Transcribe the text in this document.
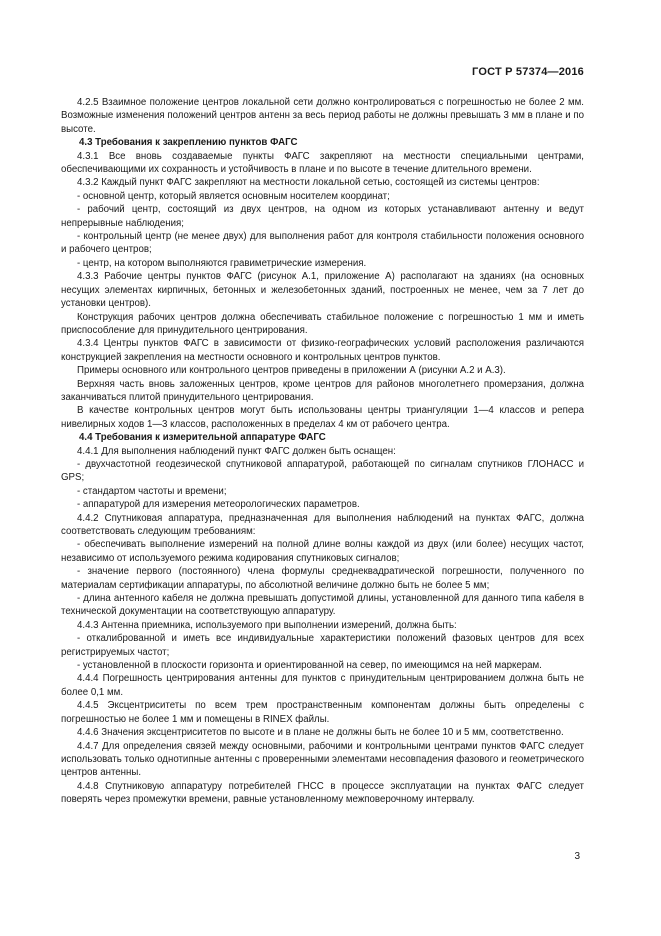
ГОСТ Р 57374—2016

4.2.5 Взаимное положение центров локальной сети должно контролироваться с погрешностью не более 2 мм. Возможные изменения положений центров антенн за весь период работы не должны превышать 3 мм в плане и по высоте.

4.3 Требования к закреплению пунктов ФАГС

4.3.1 Все вновь создаваемые пункты ФАГС закрепляют на местности специальными центрами, обеспечивающими их сохранность и устойчивость в плане и по высоте в течение длительного времени.

4.3.2 Каждый пункт ФАГС закрепляют на местности локальной сетью, состоящей из системы центров:

- основной центр, который является основным носителем координат;

- рабочий центр, состоящий из двух центров, на одном из которых устанавливают антенну и ведут непрерывные наблюдения;

- контрольный центр (не менее двух) для выполнения работ для контроля стабильности положения основного и рабочего центров;

- центр, на котором выполняются гравиметрические измерения.

4.3.3 Рабочие центры пунктов ФАГС (рисунок А.1, приложение А) располагают на зданиях (на основных несущих элементах кирпичных, бетонных и железобетонных зданий, построенных не менее, чем за 7 лет до установки центров).

Конструкция рабочих центров должна обеспечивать стабильное положение с погрешностью 1 мм и иметь приспособление для принудительного центрирования.

4.3.4 Центры пунктов ФАГС в зависимости от физико-географических условий расположения различаются конструкцией закрепления на местности основного и контрольных центров пунктов.

Примеры основного или контрольного центров приведены в приложении А (рисунки А.2 и А.3).

Верхняя часть вновь заложенных центров, кроме центров для районов многолетнего промерзания, должна заканчиваться плитой принудительного центрирования.

В качестве контрольных центров могут быть использованы центры триангуляции 1—4 классов и репера нивелирных ходов 1—3 классов, расположенных в пределах 4 км от рабочего центра.

4.4 Требования к измерительной аппаратуре ФАГС

4.4.1 Для выполнения наблюдений пункт ФАГС должен быть оснащен:

- двухчастотной геодезической спутниковой аппаратурой, работающей по сигналам спутников ГЛОНАСС и GPS;

- стандартом частоты и времени;

- аппаратурой для измерения метеорологических параметров.

4.4.2 Спутниковая аппаратура, предназначенная для выполнения наблюдений на пунктах ФАГС, должна соответствовать следующим требованиям:

- обеспечивать выполнение измерений на полной длине волны каждой из двух (или более) несущих частот, независимо от используемого режима кодирования спутниковых сигналов;

- значение первого (постоянного) члена формулы среднеквадратической погрешности, полученного по материалам сертификации аппаратуры, по абсолютной величине должно быть не более 5 мм;

- длина антенного кабеля не должна превышать допустимой длины, установленной для данного типа кабеля в технической документации на соответствующую аппаратуру.

4.4.3 Антенна приемника, используемого при выполнении измерений, должна быть:

- откалиброванной и иметь все индивидуальные характеристики положений фазовых центров для всех регистрируемых частот;

- установленной в плоскости горизонта и ориентированной на север, по имеющимся на ней маркерам.

4.4.4 Погрешность центрирования антенны для пунктов с принудительным центрированием должна быть не более 0,1 мм.

4.4.5 Эксцентриситеты по всем трем пространственным компонентам должны быть определены с погрешностью не более 1 мм и помещены в RINEX файлы.

4.4.6 Значения эксцентриситетов по высоте и в плане не должны быть не более 10 и 5 мм, соответственно.

4.4.7 Для определения связей между основными, рабочими и контрольными центрами пунктов ФАГС следует использовать только однотипные антенны с проверенными элементами несовпадения фазового и геометрического центров антенны.

4.4.8 Спутниковую аппаратуру потребителей ГНСС в процессе эксплуатации на пунктах ФАГС следует поверять через промежутки времени, равные установленному межповерочному интервалу.

3
